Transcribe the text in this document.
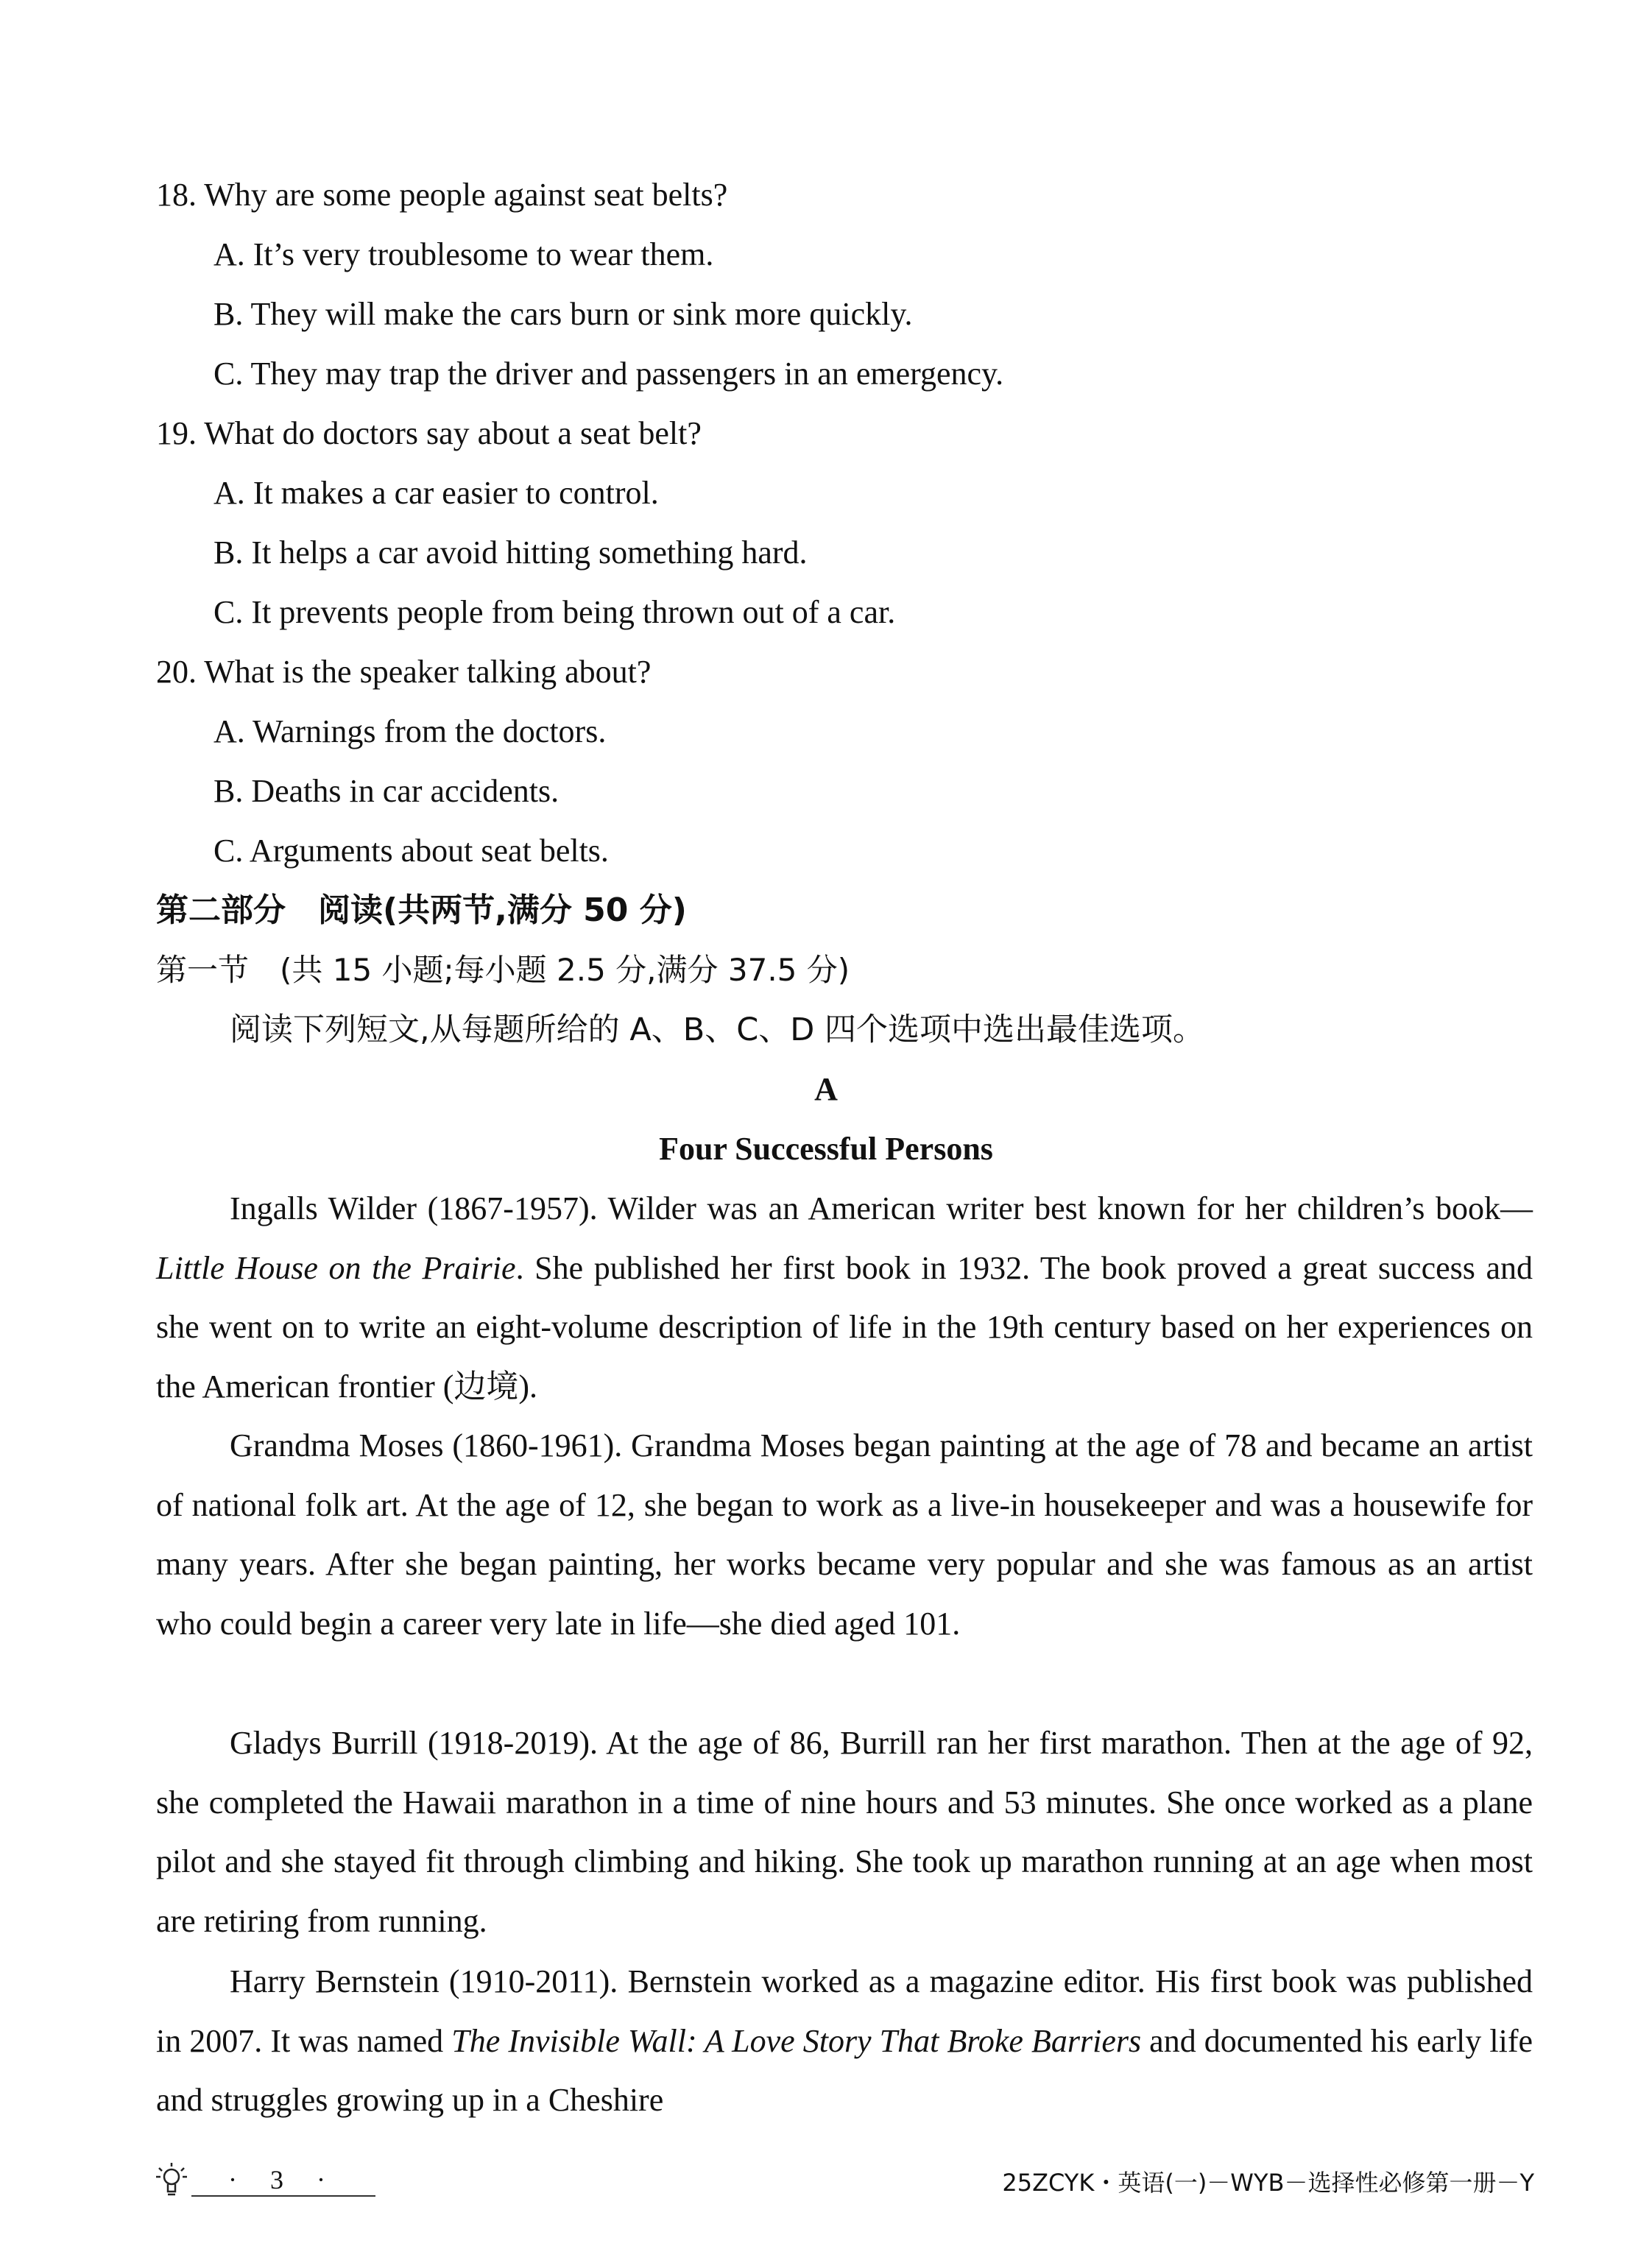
18. Why are some people against seat belts?
A. It’s very troublesome to wear them.
B. They will make the cars burn or sink more quickly.
C. They may trap the driver and passengers in an emergency.
19. What do doctors say about a seat belt?
A. It makes a car easier to control.
B. It helps a car avoid hitting something hard.
C. It prevents people from being thrown out of a car.
20. What is the speaker talking about?
A. Warnings from the doctors.
B. Deaths in car accidents.
C. Arguments about seat belts.
第二部分　阅读(共两节,满分 50 分)
第一节　(共 15 小题;每小题 2.5 分,满分 37.5 分)
阅读下列短文,从每题所给的 A、B、C、D 四个选项中选出最佳选项。
A
Four Successful Persons
Ingalls Wilder (1867-1957). Wilder was an American writer best known for her children’s book—Little House on the Prairie. She published her first book in 1932. The book proved a great success and she went on to write an eight-volume description of life in the 19th century based on her experiences on the American frontier (边境).
Grandma Moses (1860-1961). Grandma Moses began painting at the age of 78 and became an artist of national folk art. At the age of 12, she began to work as a live-in housekeeper and was a housewife for many years. After she began painting, her works became very popular and she was famous as an artist who could begin a career very late in life—she died aged 101.
Gladys Burrill (1918-2019). At the age of 86, Burrill ran her first marathon. Then at the age of 92, she completed the Hawaii marathon in a time of nine hours and 53 minutes. She once worked as a plane pilot and she stayed fit through climbing and hiking. She took up marathon running at an age when most are retiring from running.
Harry Bernstein (1910-2011). Bernstein worked as a magazine editor. His first book was published in 2007. It was named The Invisible Wall: A Love Story That Broke Barriers and documented his early life and struggles growing up in a Cheshire
· 3 ·	25ZCYK・英语(一)－WYB－选择性必修第一册－Y
